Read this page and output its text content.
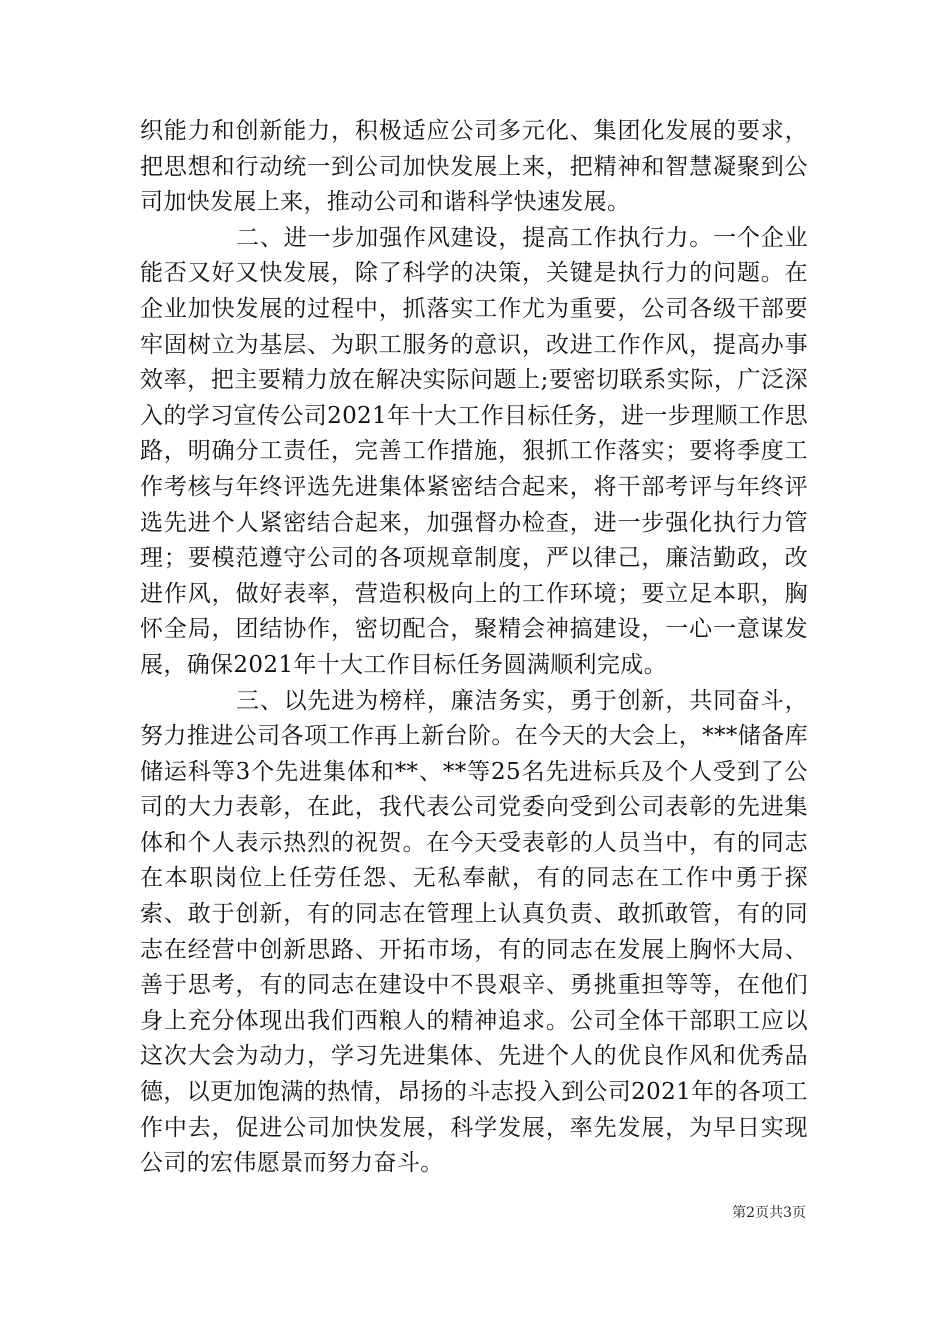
织能力和创新能力，积极适应公司多元化、集团化发展的要求，把思想和行动统一到公司加快发展上来，把精神和智慧凝聚到公司加快发展上来，推动公司和谐科学快速发展。

二、进一步加强作风建设，提高工作执行力。一个企业能否又好又快发展，除了科学的决策，关键是执行力的问题。在企业加快发展的过程中，抓落实工作尤为重要，公司各级干部要牢固树立为基层、为职工服务的意识，改进工作作风，提高办事效率，把主要精力放在解决实际问题上;要密切联系实际，广泛深入的学习宣传公司2021年十大工作目标任务，进一步理顺工作思路，明确分工责任，完善工作措施，狠抓工作落实；要将季度工作考核与年终评选先进集体紧密结合起来，将干部考评与年终评选先进个人紧密结合起来，加强督办检查，进一步强化执行力管理；要模范遵守公司的各项规章制度，严以律己，廉洁勤政，改进作风，做好表率，营造积极向上的工作环境；要立足本职，胸怀全局，团结协作，密切配合，聚精会神搞建设，一心一意谋发展，确保2021年十大工作目标任务圆满顺利完成。

三、以先进为榜样，廉洁务实，勇于创新，共同奋斗，努力推进公司各项工作再上新台阶。在今天的大会上，***储备库储运科等3个先进集体和**、**等25名先进标兵及个人受到了公司的大力表彰，在此，我代表公司党委向受到公司表彰的先进集体和个人表示热烈的祝贺。在今天受表彰的人员当中，有的同志在本职岗位上任劳任怨、无私奉献，有的同志在工作中勇于探索、敢于创新，有的同志在管理上认真负责、敢抓敢管，有的同志在经营中创新思路、开拓市场，有的同志在发展上胸怀大局、善于思考，有的同志在建设中不畏艰辛、勇挑重担等等，在他们身上充分体现出我们西粮人的精神追求。公司全体干部职工应以这次大会为动力，学习先进集体、先进个人的优良作风和优秀品德，以更加饱满的热情，昂扬的斗志投入到公司2021年的各项工作中去，促进公司加快发展，科学发展，率先发展，为早日实现公司的宏伟愿景而努力奋斗。

第2页共3页
